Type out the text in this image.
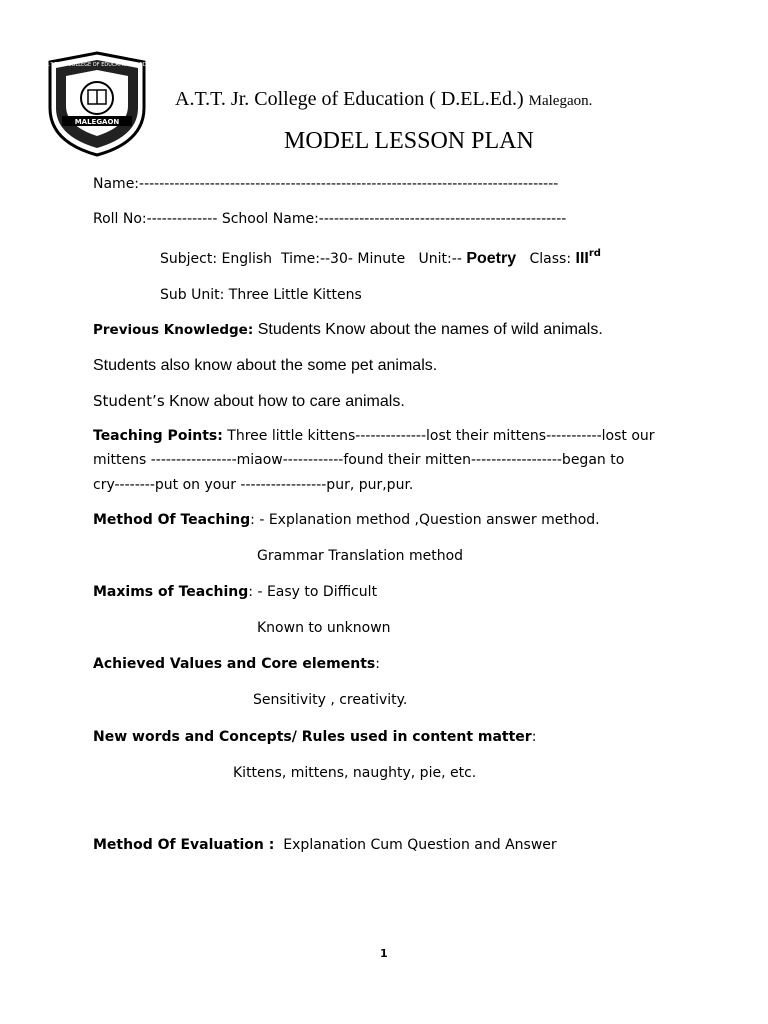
MALEGAON
A.T.T. JR. COLLEGE OF EDUCATION (D.ED)
A.T.T. Jr. College of Education ( D.EL.Ed.) Malegaon.
MODEL LESSON PLAN
Name:-----------------------------------------------------------------------------------
Roll No:-------------- School Name:-------------------------------------------------
Subject: English Time:--30- Minute Unit:-- Poetry Class: IIIrd
Sub Unit: Three Little Kittens
Previous Knowledge: Students Know about the names of wild animals.
Students also know about the some pet animals.
Student’s Know about how to care animals.
Teaching Points: Three little kittens--------------lost their mittens-----------lost our
mittens -----------------miaow------------found their mitten------------------began to
cry--------put on your -----------------pur, pur,pur.
Method Of Teaching: - Explanation method ,Question answer method.
Grammar Translation method
Maxims of Teaching: - Easy to Difficult
Known to unknown
Achieved Values and Core elements:
Sensitivity , creativity.
New words and Concepts/ Rules used in content matter:
Kittens, mittens, naughty, pie, etc.
Method Of Evaluation : Explanation Cum Question and Answer
1
